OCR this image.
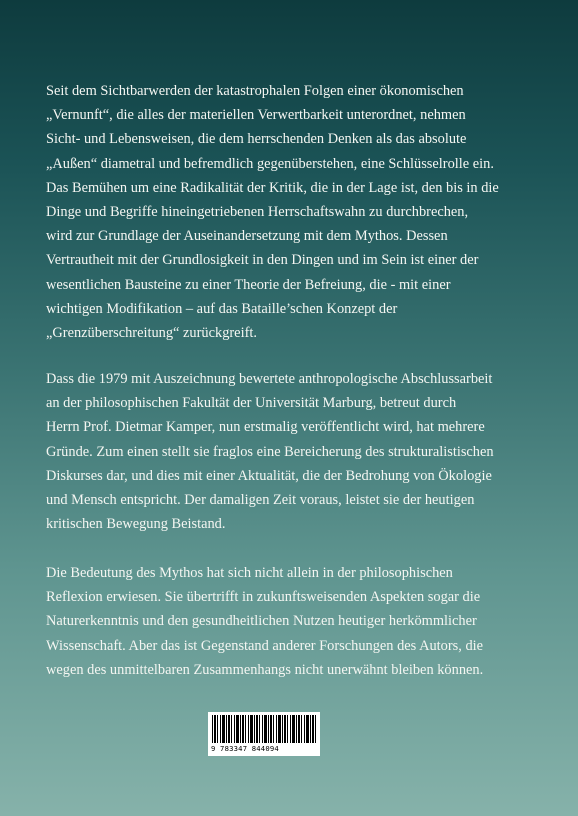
Seit dem Sichtbarwerden der katastrophalen Folgen einer ökonomischen
„Vernunft“, die alles der materiellen Verwertbarkeit unterordnet, nehmen
Sicht- und Lebensweisen, die dem herrschenden Denken als das absolute
„Außen“ diametral und befremdlich gegenüberstehen, eine Schlüsselrolle ein.
Das Bemühen um eine Radikalität der Kritik, die in der Lage ist, den bis in die
Dinge und Begriffe hineingetriebenen Herrschaftswahn zu durchbrechen,
wird zur Grundlage der Auseinandersetzung mit dem Mythos. Dessen
Vertrautheit mit der Grundlosigkeit in den Dingen und im Sein ist einer der
wesentlichen Bausteine zu einer Theorie der Befreiung, die - mit einer
wichtigen Modifikation – auf das Bataille’schen Konzept der
„Grenzüberschreitung“ zurückgreift.

Dass die 1979 mit Auszeichnung bewertete anthropologische Abschlussarbeit
an der philosophischen Fakultät der Universität Marburg, betreut durch
Herrn Prof. Dietmar Kamper, nun erstmalig veröffentlicht wird, hat mehrere
Gründe. Zum einen stellt sie fraglos eine Bereicherung des strukturalistischen
Diskurses dar, und dies mit einer Aktualität, die der Bedrohung von Ökologie
und Mensch entspricht. Der damaligen Zeit voraus, leistet sie der heutigen
kritischen Bewegung Beistand.

Die Bedeutung des Mythos hat sich nicht allein in der philosophischen
Reflexion erwiesen. Sie übertrifft in zukunftsweisenden Aspekten sogar die
Naturerkenntnis und den gesundheitlichen Nutzen heutiger herkömmlicher
Wissenschaft. Aber das ist Gegenstand anderer Forschungen des Autors, die
wegen des unmittelbaren Zusammenhangs nicht unerwähnt bleiben können.

9 783347 844094
